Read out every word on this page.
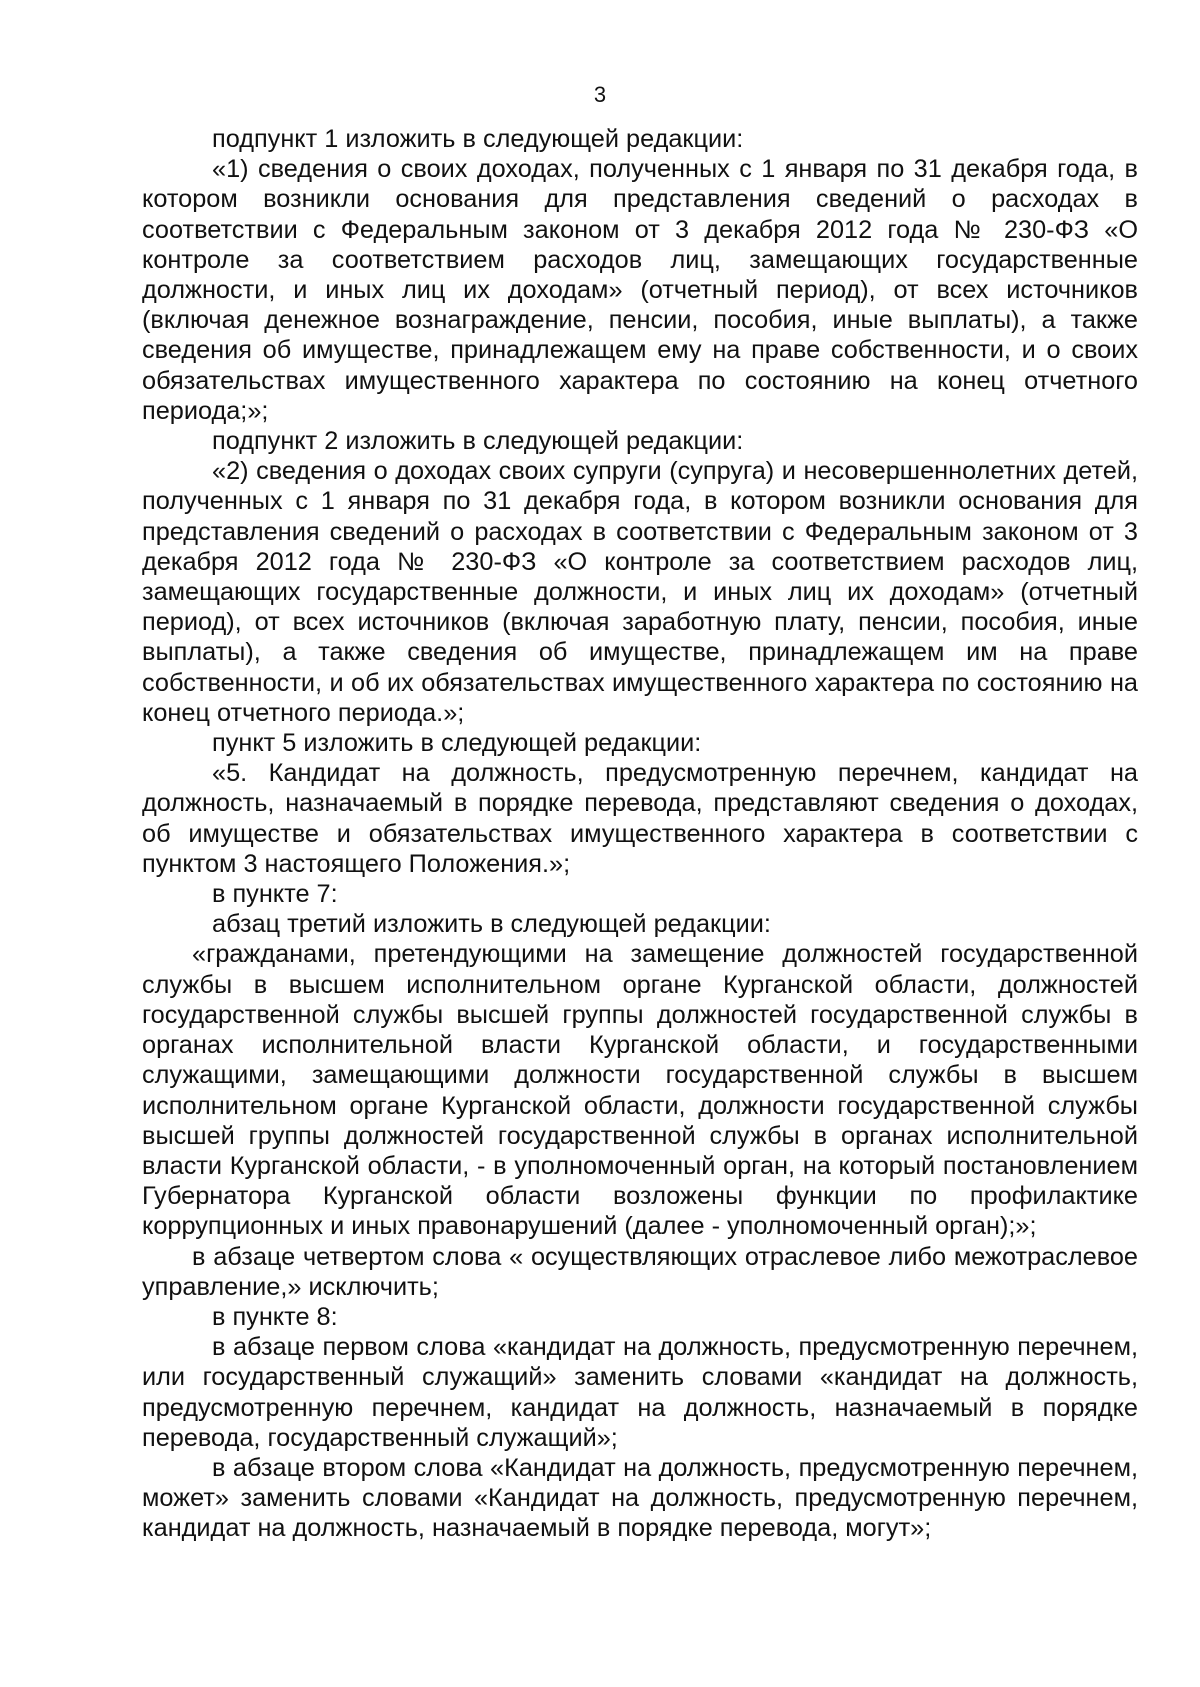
3

подпункт 1 изложить в следующей редакции:

«1) сведения о своих доходах, полученных с 1 января по 31 декабря года, в котором возникли основания для представления сведений о расходах в соответствии с Федеральным законом от 3 декабря 2012 года № 230-ФЗ «О контроле за соответствием расходов лиц, замещающих государственные должности, и иных лиц их доходам» (отчетный период), от всех источников (включая денежное вознаграждение, пенсии, пособия, иные выплаты), а также сведения об имуществе, принадлежащем ему на праве собственности, и о своих обязательствах имущественного характера по состоянию на конец отчетного периода;»;

подпункт 2 изложить в следующей редакции:

«2) сведения о доходах своих супруги (супруга) и несовершеннолетних детей, полученных с 1 января по 31 декабря года, в котором возникли основания для представления сведений о расходах в соответствии с Федеральным законом от 3 декабря 2012 года № 230-ФЗ «О контроле за соответствием расходов лиц, замещающих государственные должности, и иных лиц их доходам» (отчетный период), от всех источников (включая заработную плату, пенсии, пособия, иные выплаты), а также сведения об имуществе, принадлежащем им на праве собственности, и об их обязательствах имущественного характера по состоянию на конец отчетного периода.»;

пункт 5 изложить в следующей редакции:

«5. Кандидат на должность, предусмотренную перечнем, кандидат на должность, назначаемый в порядке перевода, представляют сведения о доходах, об имуществе и обязательствах имущественного характера в соответствии с пунктом 3 настоящего Положения.»;

в пункте 7:

абзац третий изложить в следующей редакции:

«гражданами, претендующими на замещение должностей государственной службы в высшем исполнительном органе Курганской области, должностей государственной службы высшей группы должностей государственной службы в органах исполнительной власти Курганской области, и государственными служащими, замещающими должности государственной службы в высшем исполнительном органе Курганской области, должности государственной службы высшей группы должностей государственной службы в органах исполнительной власти Курганской области, - в уполномоченный орган, на который постановлением Губернатора Курганской области возложены функции по профилактике коррупционных и иных правонарушений (далее - уполномоченный орган);»;

в абзаце четвертом слова « осуществляющих отраслевое либо межотраслевое управление,» исключить;

в пункте 8:

в абзаце первом слова «кандидат на должность, предусмотренную перечнем, или государственный служащий» заменить словами «кандидат на должность, предусмотренную перечнем, кандидат на должность, назначаемый в порядке перевода, государственный служащий»;

в абзаце втором слова «Кандидат на должность, предусмотренную перечнем, может» заменить словами «Кандидат на должность, предусмотренную перечнем, кандидат на должность, назначаемый в порядке перевода, могут»;
